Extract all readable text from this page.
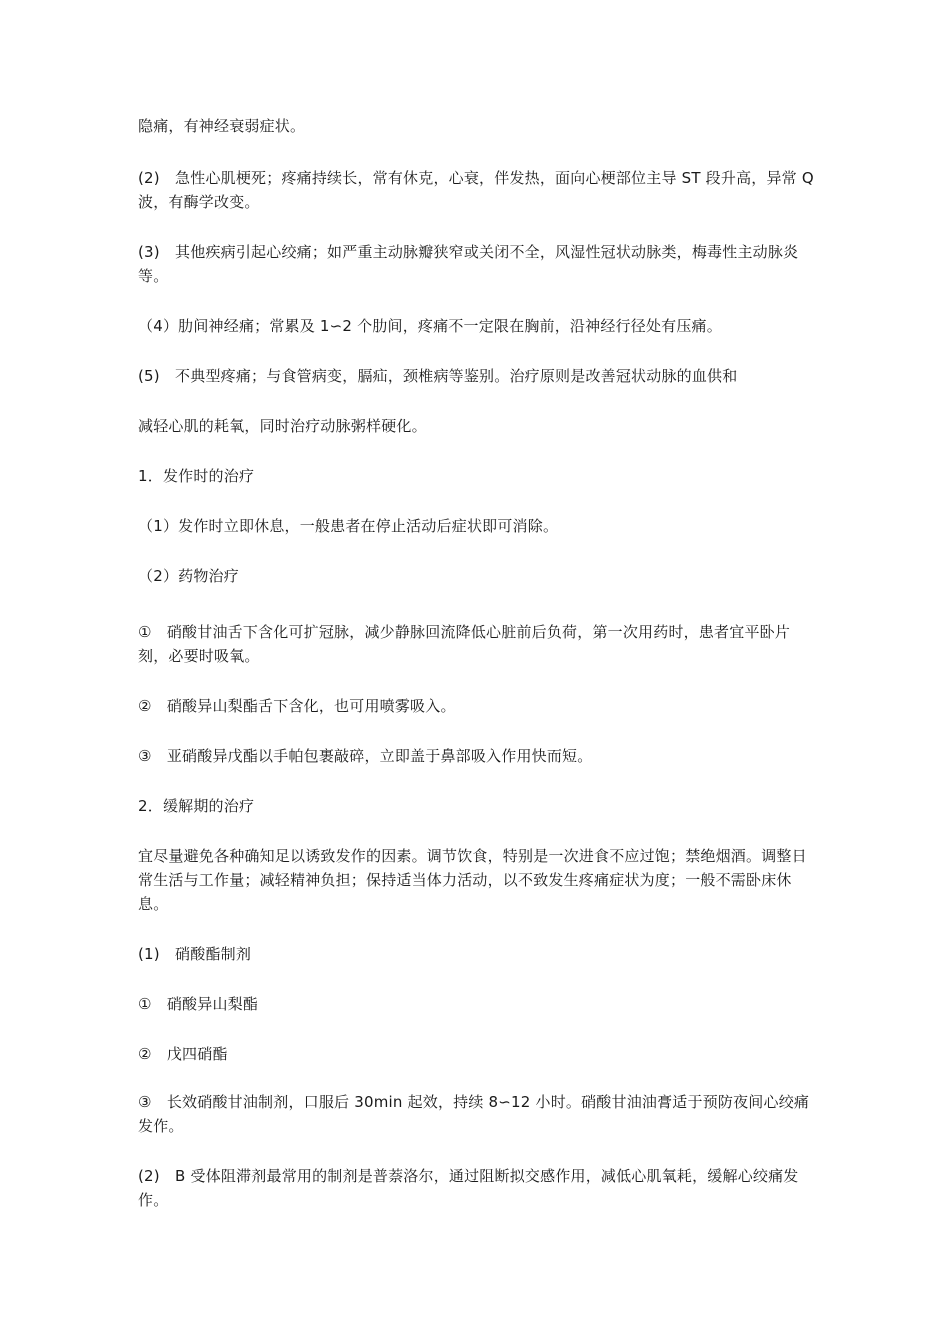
隐痛，有神经衰弱症状。
(2)　急性心肌梗死；疼痛持续长，常有休克，心衰，伴发热，面向心梗部位主导 ST 段升高，异常 Q 波，有酶学改变。
(3)　其他疾病引起心绞痛；如严重主动脉瓣狭窄或关闭不全，风湿性冠状动脉类，梅毒性主动脉炎等。
（4）肋间神经痛；常累及 1∽2 个肋间，疼痛不一定限在胸前，沿神经行径处有压痛。
(5)　不典型疼痛；与食管病变，膈疝，颈椎病等鉴别。治疗原则是改善冠状动脉的血供和
减轻心肌的耗氧，同时治疗动脉粥样硬化。
1．发作时的治疗
（1）发作时立即休息，一般患者在停止活动后症状即可消除。
（2）药物治疗
①　硝酸甘油舌下含化可扩冠脉，减少静脉回流降低心脏前后负荷，第一次用药时，患者宜平卧片刻，必要时吸氧。
②　硝酸异山梨酯舌下含化，也可用喷雾吸入。
③　亚硝酸异戊酯以手帕包裹敲碎，立即盖于鼻部吸入作用快而短。
2．缓解期的治疗
宜尽量避免各种确知足以诱致发作的因素。调节饮食，特别是一次进食不应过饱；禁绝烟酒。调整日常生活与工作量；减轻精神负担；保持适当体力活动，以不致发生疼痛症状为度；一般不需卧床休息。
(1)　硝酸酯制剂
①　硝酸异山梨酯
②　戊四硝酯
③　长效硝酸甘油制剂，口服后 30min 起效，持续 8∽12 小时。硝酸甘油油膏适于预防夜间心绞痛发作。
(2)　Β 受体阻滞剂最常用的制剂是普萘洛尔，通过阻断拟交感作用，减低心肌氧耗，缓解心绞痛发作。
